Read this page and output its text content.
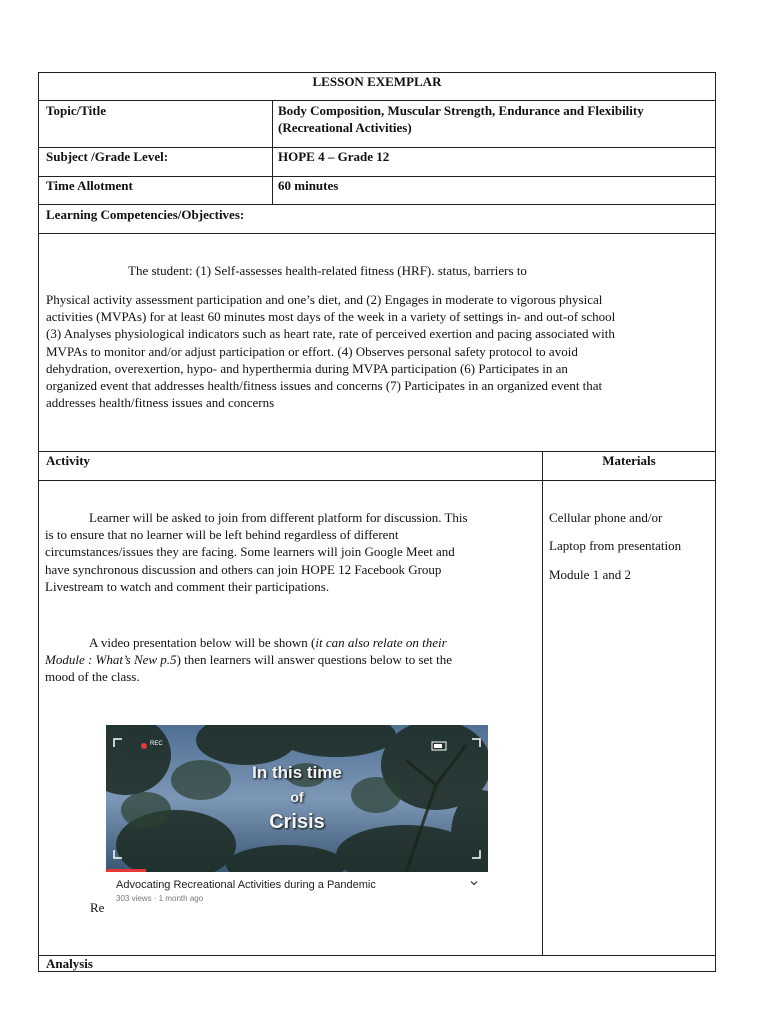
LESSON EXEMPLAR
Topic/Title	Body Composition, Muscular Strength, Endurance and Flexibility
(Recreational Activities)
Subject /Grade Level:	HOPE 4 – Grade 12
Time Allotment	60 minutes
Learning Competencies/Objectives:
The student: (1) Self-assesses health-related fitness (HRF). status, barriers to
Physical activity assessment participation and one’s diet, and (2) Engages in moderate to vigorous physical
activities (MVPAs) for at least 60 minutes most days of the week in a variety of settings in- and out-of school
(3) Analyses physiological indicators such as heart rate, rate of perceived exertion and pacing associated with
MVPAs to monitor and/or adjust participation or effort. (4) Observes personal safety protocol to avoid
dehydration, overexertion, hypo- and hyperthermia during MVPA participation (6) Participates in an
organized event that addresses health/fitness issues and concerns (7) Participates in an organized event that
addresses health/fitness issues and concerns
Activity	Materials
Learner will be asked to join from different platform for discussion. This
is to ensure that no learner will be left behind regardless of different
circumstances/issues they are facing. Some learners will join Google Meet and
have synchronous discussion and others can join HOPE 12 Facebook Group
Livestream to watch and comment their participations.
A video presentation below will be shown (it can also relate on their
Module : What’s New p.5) then learners will answer questions below to set the
mood of the class.
Cellular phone and/or
Laptop from presentation
Module 1 and 2
Re
REC
In this time
of
Crisis
Advocating Recreational Activities during a Pandemic
303 views · 1 month ago
Analysis
